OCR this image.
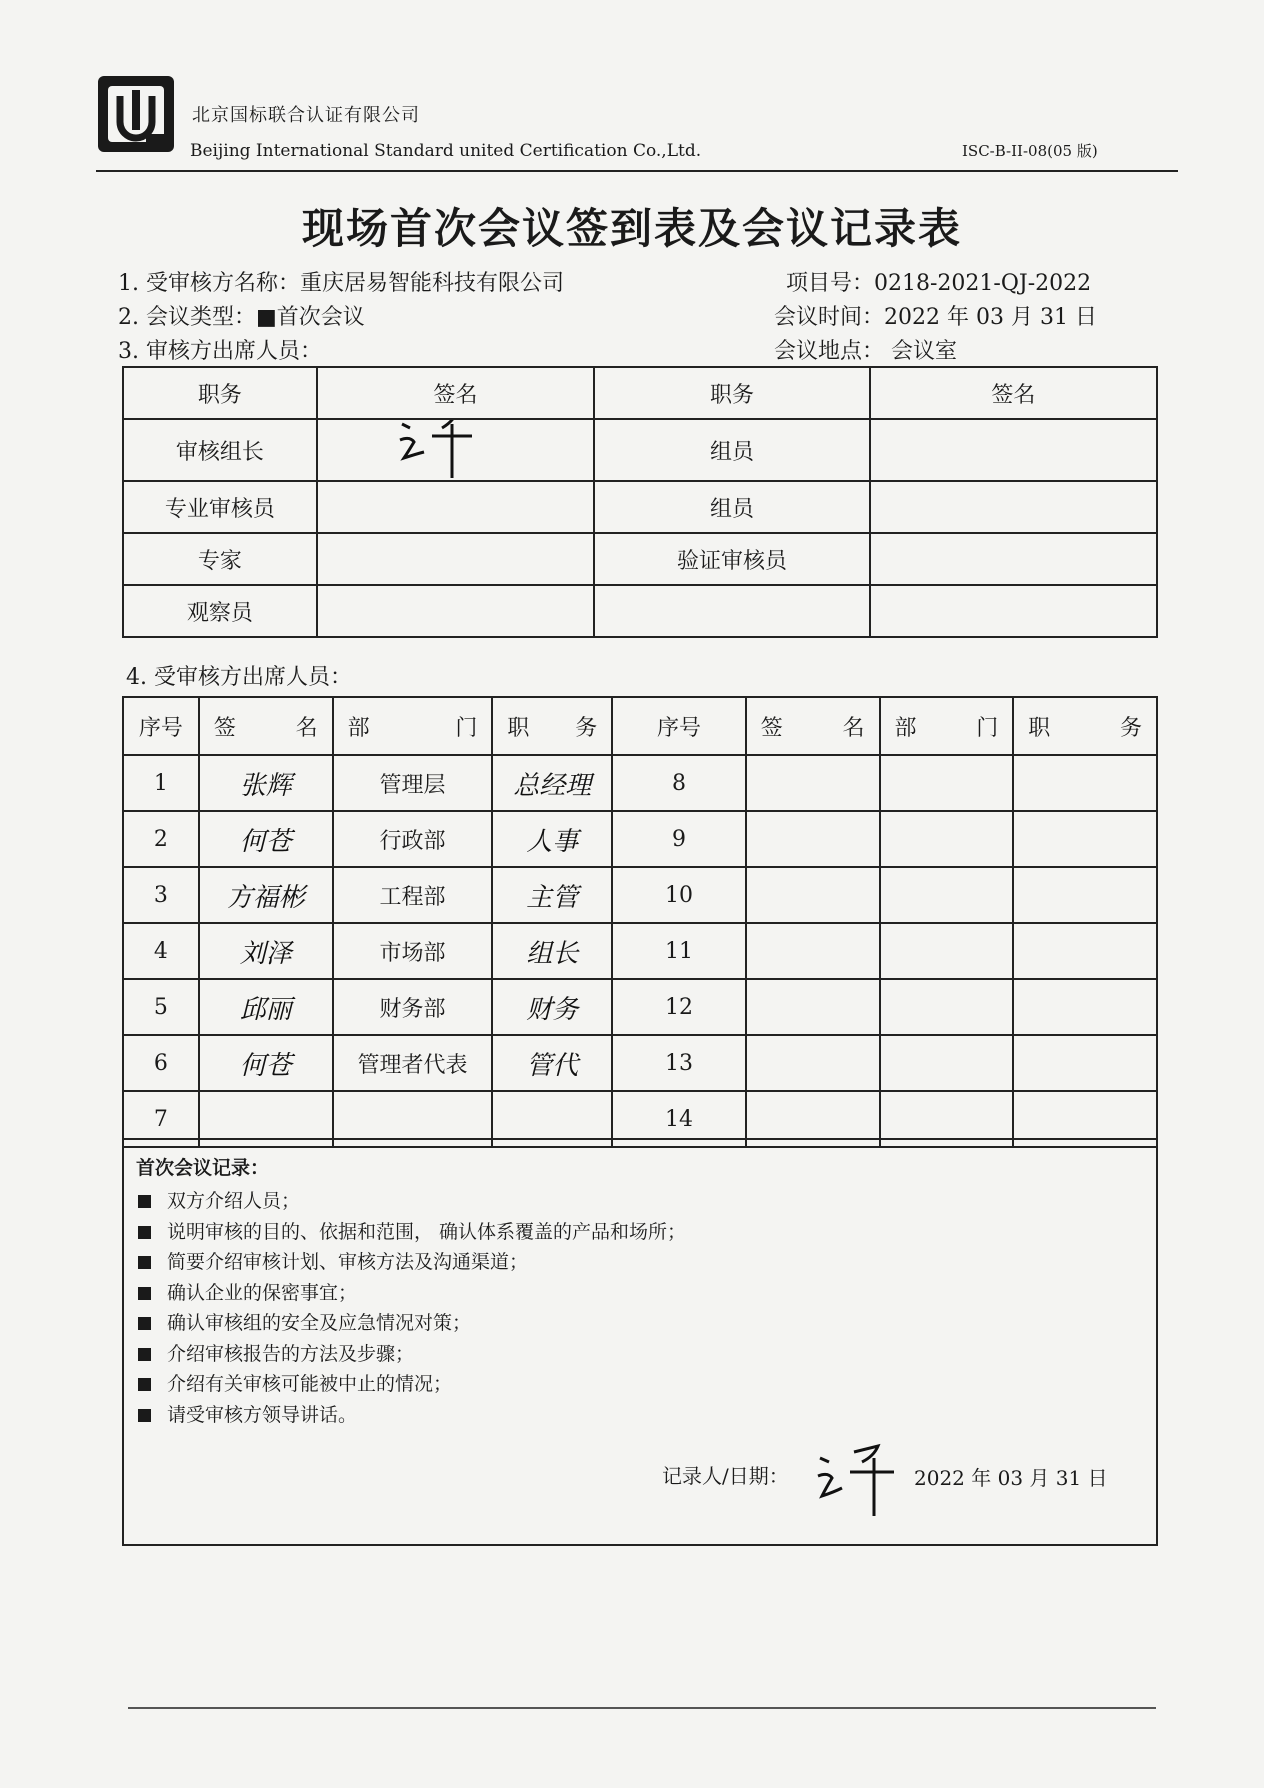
北京国标联合认证有限公司
Beijing International Standard united Certification Co.,Ltd.	ISC-B-II-08(05 版)
现场首次会议签到表及会议记录表
1. 受审核方名称：重庆居易智能科技有限公司	项目号：0218-2021-QJ-2022
2. 会议类型：■首次会议	会议时间：2022 年 03 月 31 日
3. 审核方出席人员：	会议地点： 会议室
职务	签名	职务	签名
审核组长		组员	
专业审核员		组员	
专家		验证审核员	
观察员			
4. 受审核方出席人员：
序号	签 名	部 门	职 务	序号	签 名	部 门	职 务

1	张辉	管理层	总经理	8			
2	何苍	行政部	人事	9			
3	方福彬	工程部	主管	10			
4	刘泽	市场部	组长	11			
5	邱丽	财务部	财务	12			
6	何苍	管理者代表	管代	13			
7				14			
首次会议记录：
双方介绍人员；
说明审核的目的、依据和范围， 确认体系覆盖的产品和场所；
简要介绍审核计划、审核方法及沟通渠道；
确认企业的保密事宜；
确认审核组的安全及应急情况对策；
介绍审核报告的方法及步骤；
介绍有关审核可能被中止的情况；
请受审核方领导讲话。
记录人/日期：	2022 年 03 月 31 日
